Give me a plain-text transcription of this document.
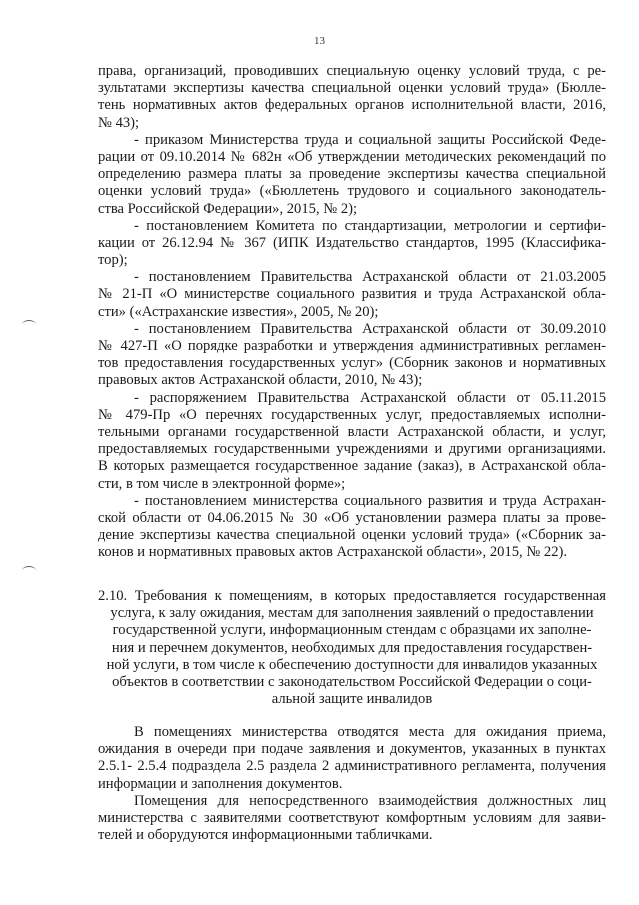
13
права, организаций, проводивших специальную оценку условий труда, с ре-
зультатами экспертизы качества специальной оценки условий труда» (Бюлле-
тень нормативных актов федеральных органов исполнительной власти, 2016,
№ 43);
- приказом Министерства труда и социальной защиты Российской Феде-
рации от 09.10.2014 № 682н «Об утверждении методических рекомендаций по
определению размера платы за проведение экспертизы качества специальной
оценки условий труда» («Бюллетень трудового и социального законодатель-
ства Российской Федерации», 2015, № 2);
- постановлением Комитета по стандартизации, метрологии и сертифи-
кации от 26.12.94 № 367 (ИПК Издательство стандартов, 1995 (Классификa-
тор);
- постановлением Правительства Астраханской области от 21.03.2005
№ 21-П «О министерстве социального развития и труда Астраханской обла-
сти» («Астраханские известия», 2005, № 20);
- постановлением Правительства Астраханской области от 30.09.2010
№ 427-П «О порядке разработки и утверждения административных регламен-
тов предоставления государственных услуг» (Сборник законов и нормативных
правовых актов Астраханской области, 2010, № 43);
- распоряжением Правительства Астраханской области от 05.11.2015
№ 479-Пр «О перечнях государственных услуг, предоставляемых исполни-
тельными органами государственной власти Астраханской области, и услуг,
предоставляемых государственными учреждениями и другими организациями.
В которых размещается государственное задание (заказ), в Астраханской обла-
сти, в том числе в электронной форме»;
- постановлением министерства социального развития и труда Астрахан-
ской области от 04.06.2015 № 30 «Об установлении размера платы за прове-
дение экспертизы качества специальной оценки условий труда» («Сборник за-
конов и нормативных правовых актов Астраханской области», 2015, № 22).
2.10. Требования к помещениям, в которых предоставляется государственная
услуга, к залу ожидания, местам для заполнения заявлений о предоставлении
государственной услуги, информационным стендам с образцами их заполне-
ния и перечнем документов, необходимых для предоставления государствен-
ной услуги, в том числе к обеспечению доступности для инвалидов указанных
объектов в соответствии с законодательством Российской Федерации о соци-
альной защите инвалидов
В помещениях министерства отводятся места для ожидания приема,
ожидания в очереди при подаче заявления и документов, указанных в пунктах
2.5.1- 2.5.4 подраздела 2.5 раздела 2 административного регламента, получения
информации и заполнения документов.
Помещения для непосредственного взаимодействия должностных лиц
министерства с заявителями соответствуют комфортным условиям для заяви-
телей и оборудуются информационными табличками.
